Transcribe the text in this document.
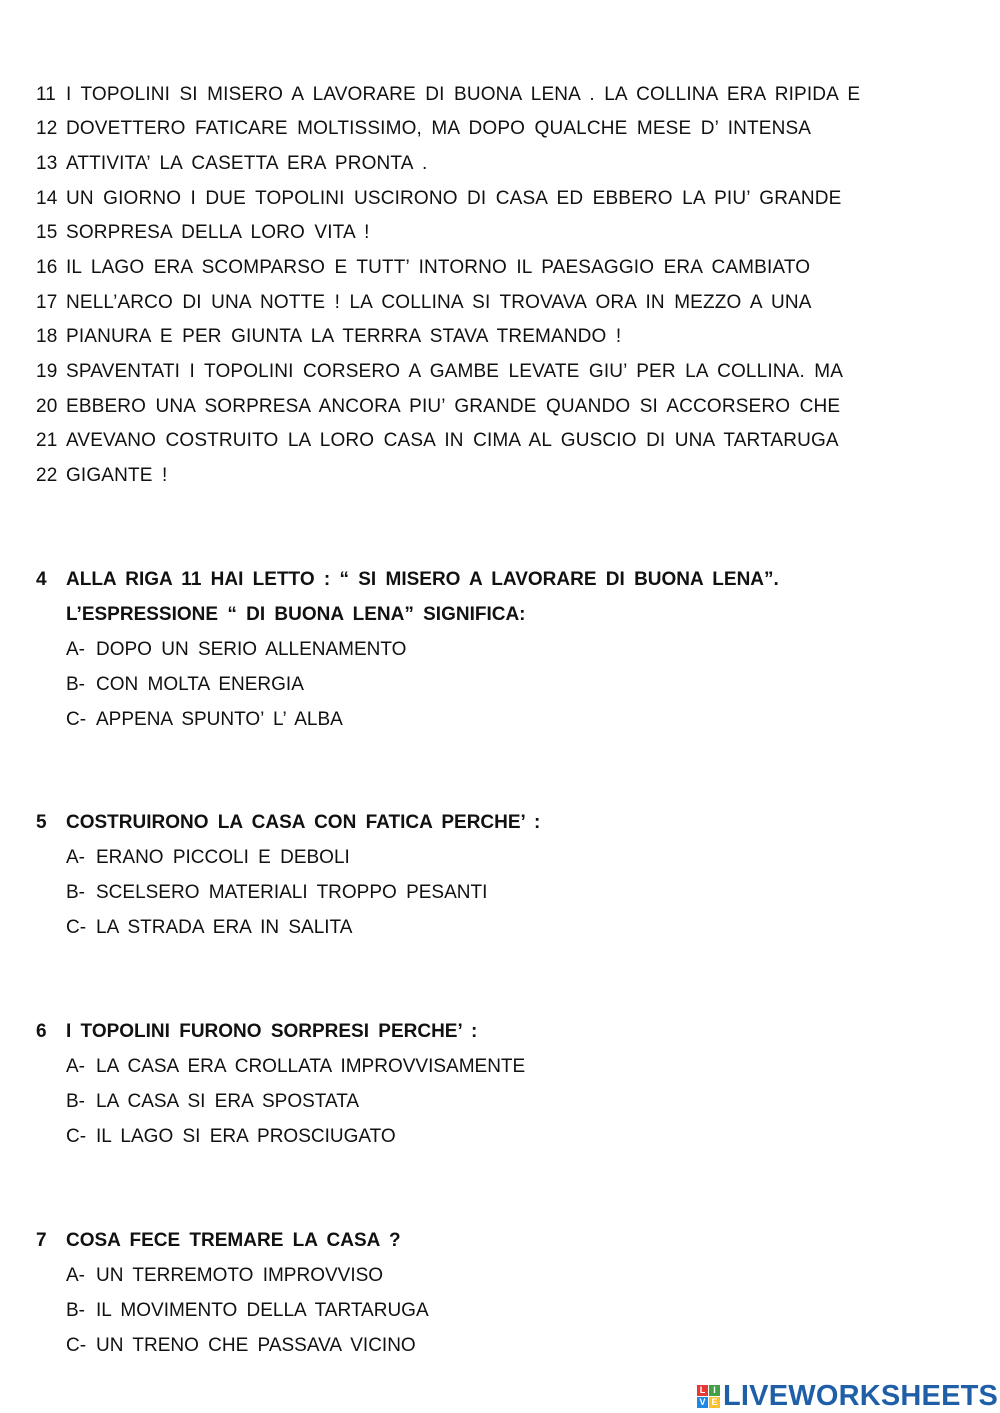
11 I TOPOLINI SI MISERO A LAVORARE DI BUONA LENA . LA COLLINA ERA RIPIDA E

12 DOVETTERO FATICARE MOLTISSIMO, MA DOPO QUALCHE MESE D’ INTENSA

13 ATTIVITA’ LA CASETTA ERA PRONTA .

14 UN GIORNO I DUE TOPOLINI USCIRONO DI CASA ED EBBERO LA PIU’ GRANDE

15 SORPRESA DELLA LORO VITA !

16 IL LAGO ERA SCOMPARSO E TUTT’ INTORNO IL PAESAGGIO ERA CAMBIATO

17 NELL’ARCO DI UNA NOTTE ! LA COLLINA SI TROVAVA ORA IN MEZZO A UNA

18 PIANURA E PER GIUNTA LA TERRRA STAVA TREMANDO !

19 SPAVENTATI I TOPOLINI CORSERO A GAMBE LEVATE GIU’ PER LA COLLINA. MA

20 EBBERO UNA SORPRESA ANCORA PIU’ GRANDE QUANDO SI ACCORSERO CHE

21 AVEVANO COSTRUITO LA LORO CASA IN CIMA AL GUSCIO DI UNA TARTARUGA

22 GIGANTE !

4 ALLA RIGA 11 HAI LETTO : “ SI MISERO A LAVORARE DI BUONA LENA”.
L’ESPRESSIONE “ DI BUONA LENA” SIGNIFICA:
A- DOPO UN SERIO ALLENAMENTO
B- CON MOLTA ENERGIA
C- APPENA SPUNTO’ L’ ALBA
5 COSTRUIRONO LA CASA CON FATICA PERCHE’ :
A- ERANO PICCOLI E DEBOLI
B- SCELSERO MATERIALI TROPPO PESANTI
C- LA STRADA ERA IN SALITA
6 I TOPOLINI FURONO SORPRESI PERCHE’ :
A- LA CASA ERA CROLLATA IMPROVVISAMENTE
B- LA CASA SI ERA SPOSTATA
C- IL LAGO SI ERA PROSCIUGATO
7 COSA FECE TREMARE LA CASA ?
A- UN TERREMOTO IMPROVVISO
B- IL MOVIMENTO DELLA TARTARUGA
C- UN TRENO CHE PASSAVA VICINO
L I
V E LIVEWORKSHEETS
